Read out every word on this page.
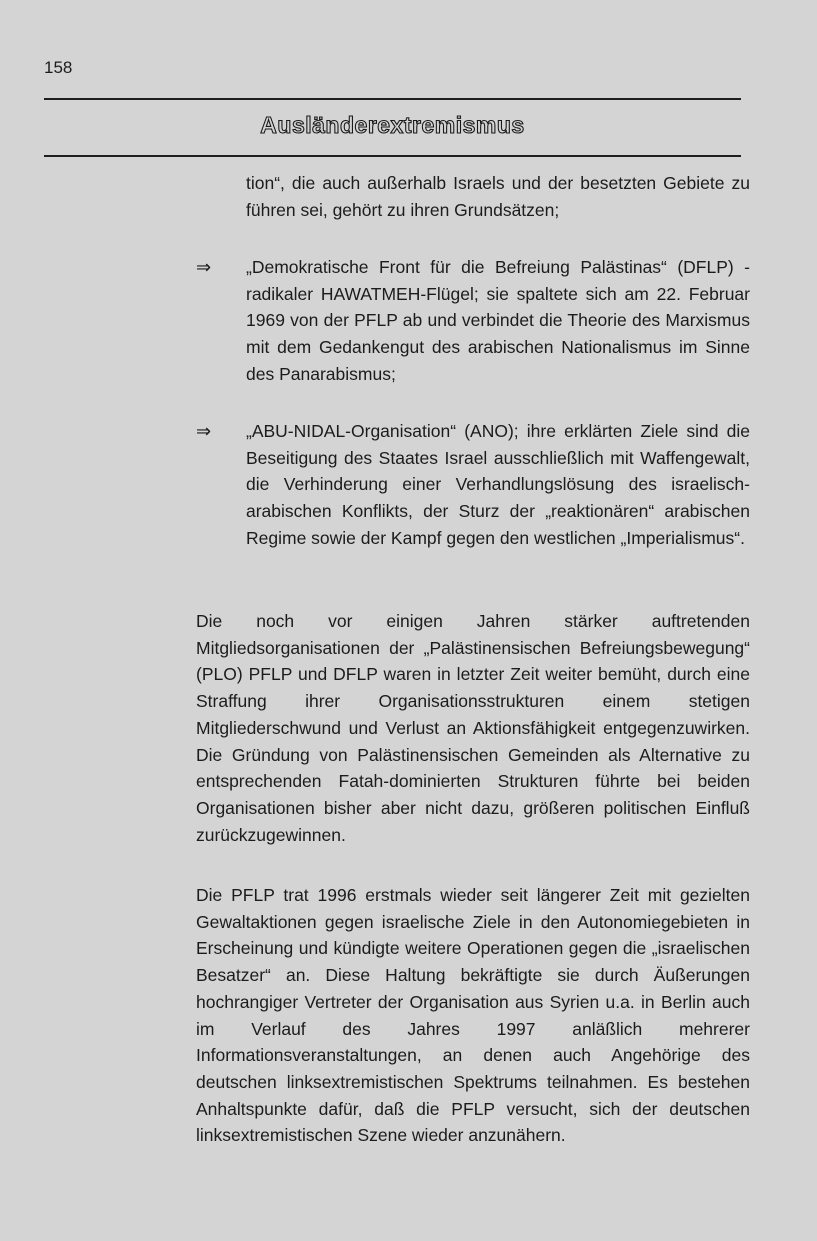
158
Ausländerextremismus

tion“, die auch außerhalb Israels und der besetzten Gebiete zu führen sei, gehört zu ihren Grundsätzen;

⇒ „Demokratische Front für die Befreiung Palästinas“ (DFLP) - radikaler HAWATMEH-Flügel; sie spaltete sich am 22. Februar 1969 von der PFLP ab und verbindet die Theorie des Marxismus mit dem Gedankengut des arabischen Nationalismus im Sinne des Panarabismus;

⇒ „ABU-NIDAL-Organisation“ (ANO); ihre erklärten Ziele sind die Beseitigung des Staates Israel ausschließlich mit Waffengewalt, die Verhinderung einer Verhandlungslösung des israelisch-arabischen Konflikts, der Sturz der „reaktionären“ arabischen Regime sowie der Kampf gegen den westlichen „Imperialismus“.

Die noch vor einigen Jahren stärker auftretenden Mitgliedsorganisationen der „Palästinensischen Befreiungsbewegung“ (PLO) PFLP und DFLP waren in letzter Zeit weiter bemüht, durch eine Straffung ihrer Organisationsstrukturen einem stetigen Mitgliederschwund und Verlust an Aktionsfähigkeit entgegenzuwirken. Die Gründung von Palästinensischen Gemeinden als Alternative zu entsprechenden Fatah-dominierten Strukturen führte bei beiden Organisationen bisher aber nicht dazu, größeren politischen Einfluß zurückzugewinnen.

Die PFLP trat 1996 erstmals wieder seit längerer Zeit mit gezielten Gewaltaktionen gegen israelische Ziele in den Autonomiegebieten in Erscheinung und kündigte weitere Operationen gegen die „israelischen Besatzer“ an. Diese Haltung bekräftigte sie durch Äußerungen hochrangiger Vertreter der Organisation aus Syrien u.a. in Berlin auch im Verlauf des Jahres 1997 anläßlich mehrerer Informationsveranstaltungen, an denen auch Angehörige des deutschen linksextremistischen Spektrums teilnahmen. Es bestehen Anhaltspunkte dafür, daß die PFLP versucht, sich der deutschen linksextremistischen Szene wieder anzunähern.
